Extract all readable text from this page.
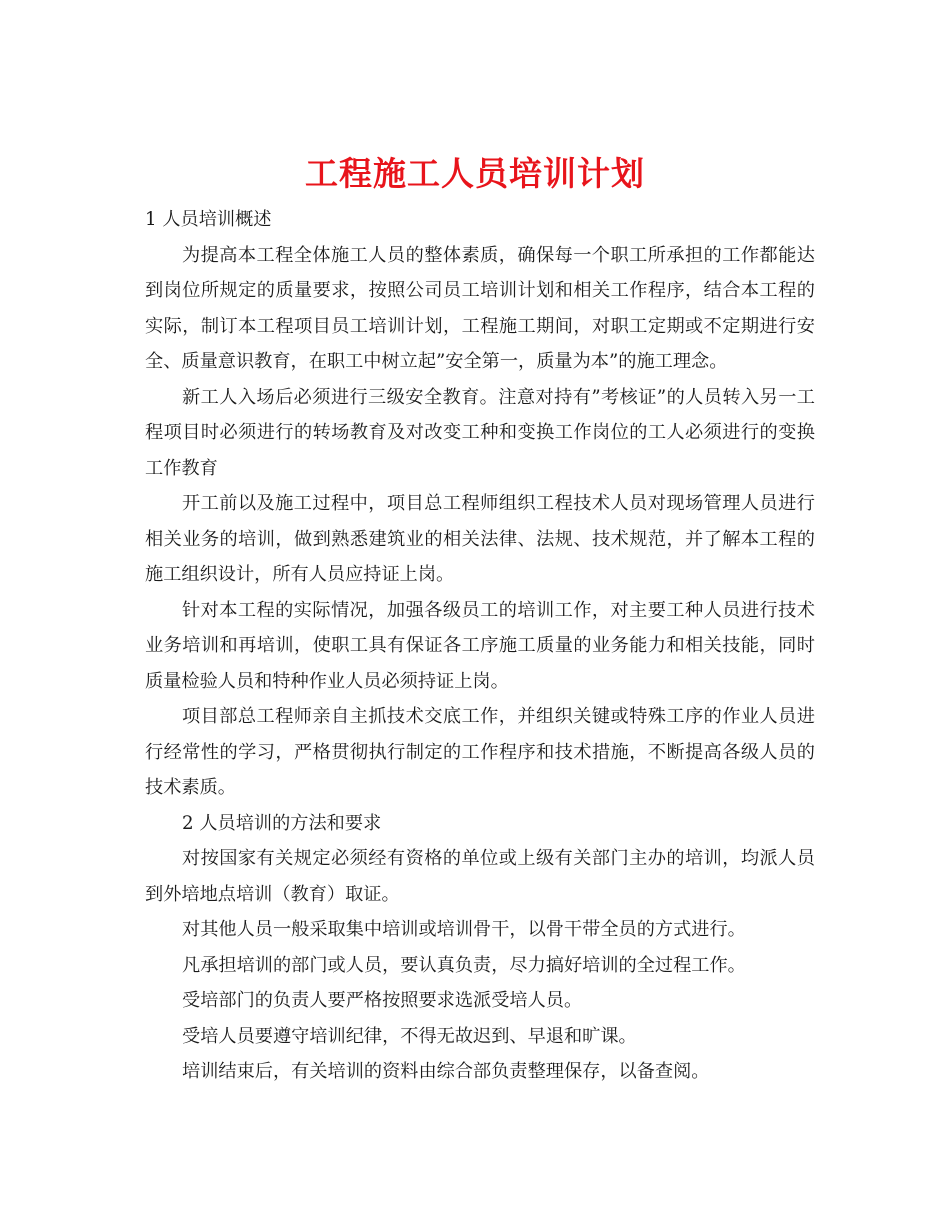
工程施工人员培训计划

1 人员培训概述

为提高本工程全体施工人员的整体素质，确保每一个职工所承担的工作都能达到岗位所规定的质量要求，按照公司员工培训计划和相关工作程序，结合本工程的实际，制订本工程项目员工培训计划，工程施工期间，对职工定期或不定期进行安全、质量意识教育，在职工中树立起”安全第一，质量为本”的施工理念。

新工人入场后必须进行三级安全教育。注意对持有”考核证”的人员转入另一工程项目时必须进行的转场教育及对改变工种和变换工作岗位的工人必须进行的变换工作教育

开工前以及施工过程中，项目总工程师组织工程技术人员对现场管理人员进行相关业务的培训，做到熟悉建筑业的相关法律、法规、技术规范，并了解本工程的施工组织设计，所有人员应持证上岗。

针对本工程的实际情况，加强各级员工的培训工作，对主要工种人员进行技术业务培训和再培训，使职工具有保证各工序施工质量的业务能力和相关技能，同时质量检验人员和特种作业人员必须持证上岗。

项目部总工程师亲自主抓技术交底工作，并组织关键或特殊工序的作业人员进行经常性的学习，严格贯彻执行制定的工作程序和技术措施，不断提高各级人员的技术素质。

2 人员培训的方法和要求

对按国家有关规定必须经有资格的单位或上级有关部门主办的培训，均派人员到外培地点培训（教育）取证。

对其他人员一般采取集中培训或培训骨干，以骨干带全员的方式进行。

凡承担培训的部门或人员，要认真负责，尽力搞好培训的全过程工作。

受培部门的负责人要严格按照要求选派受培人员。

受培人员要遵守培训纪律，不得无故迟到、早退和旷课。

培训结束后，有关培训的资料由综合部负责整理保存，以备查阅。
